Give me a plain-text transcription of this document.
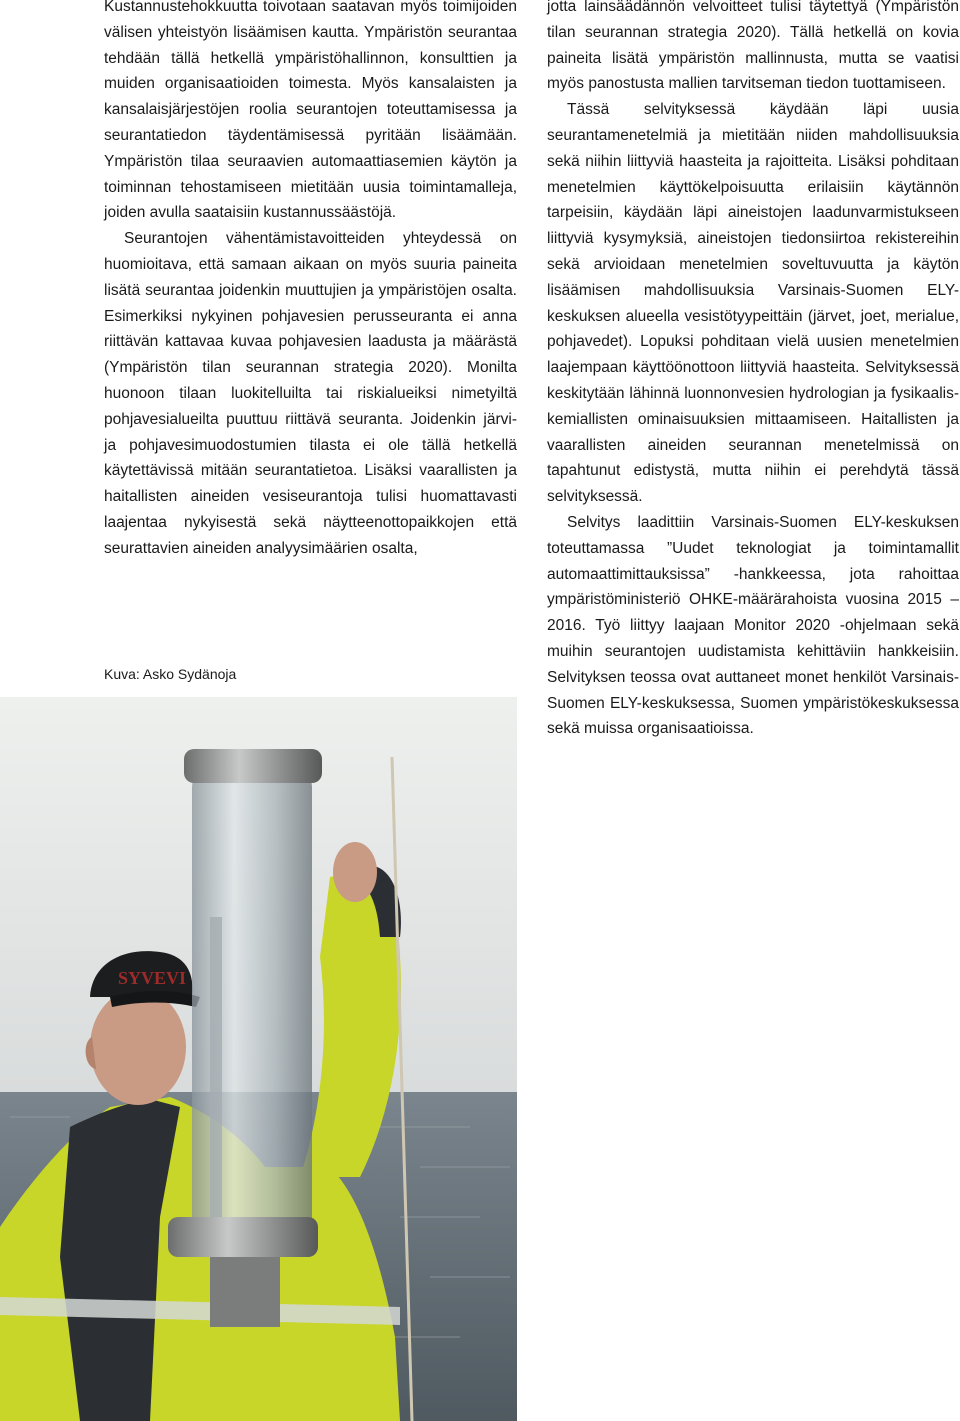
Kustannustehokkuutta toivotaan saatavan myös toimijoiden välisen yhteistyön lisäämisen kautta. Ympäristön seurantaa tehdään tällä hetkellä ympäristöhallinnon, konsulttien ja muiden organisaatioiden toimesta. Myös kansalaisten ja kansalaisjärjestöjen roolia seurantojen toteuttamisessa ja seurantatiedon täydentämisessä pyritään lisäämään. Ympäristön tilaa seuraavien automaattiasemien käytön ja toiminnan tehostamiseen mietitään uusia toimintamalleja, joiden avulla saataisiin kustannussäästöjä.

Seurantojen vähentämistavoitteiden yhteydessä on huomioitava, että samaan aikaan on myös suuria paineita lisätä seurantaa joidenkin muuttujien ja ympäristöjen osalta. Esimerkiksi nykyinen pohjavesien perusseuranta ei anna riittävän kattavaa kuvaa pohjavesien laadusta ja määrästä (Ympäristön tilan seurannan strategia 2020). Monilta huonoon tilaan luokitelluilta tai riskialueiksi nimetyiltä pohjavesialueilta puuttuu riittävä seuranta. Joidenkin järvi- ja pohjavesimuodostumien tilasta ei ole tällä hetkellä käytettävissä mitään seurantatietoa. Lisäksi vaarallisten ja haitallisten aineiden vesiseurantoja tulisi huomattavasti laajentaa nykyisestä sekä näytteenottopaikkojen että seurattavien aineiden analyysimäärien osalta,

Kuva: Asko Sydänoja
SYVEVI

jotta lainsäädännön velvoitteet tulisi täytettyä (Ympäristön tilan seurannan strategia 2020). Tällä hetkellä on kovia paineita lisätä ympäristön mallinnusta, mutta se vaatisi myös panostusta mallien tarvitseman tiedon tuottamiseen.

Tässä selvityksessä käydään läpi uusia seurantamenetelmiä ja mietitään niiden mahdollisuuksia sekä niihin liittyviä haasteita ja rajoitteita. Lisäksi pohditaan menetelmien käyttökelpoisuutta erilaisiin käytännön tarpeisiin, käydään läpi aineistojen laadunvarmistukseen liittyviä kysymyksiä, aineistojen tiedonsiirtoa rekistereihin sekä arvioidaan menetelmien soveltuvuutta ja käytön lisäämisen mahdollisuuksia Varsinais-Suomen ELY-keskuksen alueella vesistötyypeittäin (järvet, joet, merialue, pohjavedet). Lopuksi pohditaan vielä uusien menetelmien laajempaan käyttöönottoon liittyviä haasteita. Selvityksessä keskitytään lähinnä luonnonvesien hydrologian ja fysikaalis-kemiallisten ominaisuuksien mittaamiseen. Haitallisten ja vaarallisten aineiden seurannan menetelmissä on tapahtunut edistystä, mutta niihin ei perehdytä tässä selvityksessä.

Selvitys laadittiin Varsinais-Suomen ELY-keskuksen toteuttamassa ”Uudet teknologiat ja toimintamallit automaattimittauksissa” -hankkeessa, jota rahoittaa ympäristöministeriö OHKE-määrärahoista vuosina 2015 – 2016. Työ liittyy laajaan Monitor 2020 -ohjelmaan sekä muihin seurantojen uudistamista kehittäviin hankkeisiin. Selvityksen teossa ovat auttaneet monet henkilöt Varsinais-Suomen ELY-keskuksessa, Suomen ympäristökeskuksessa sekä muissa organisaatioissa.
